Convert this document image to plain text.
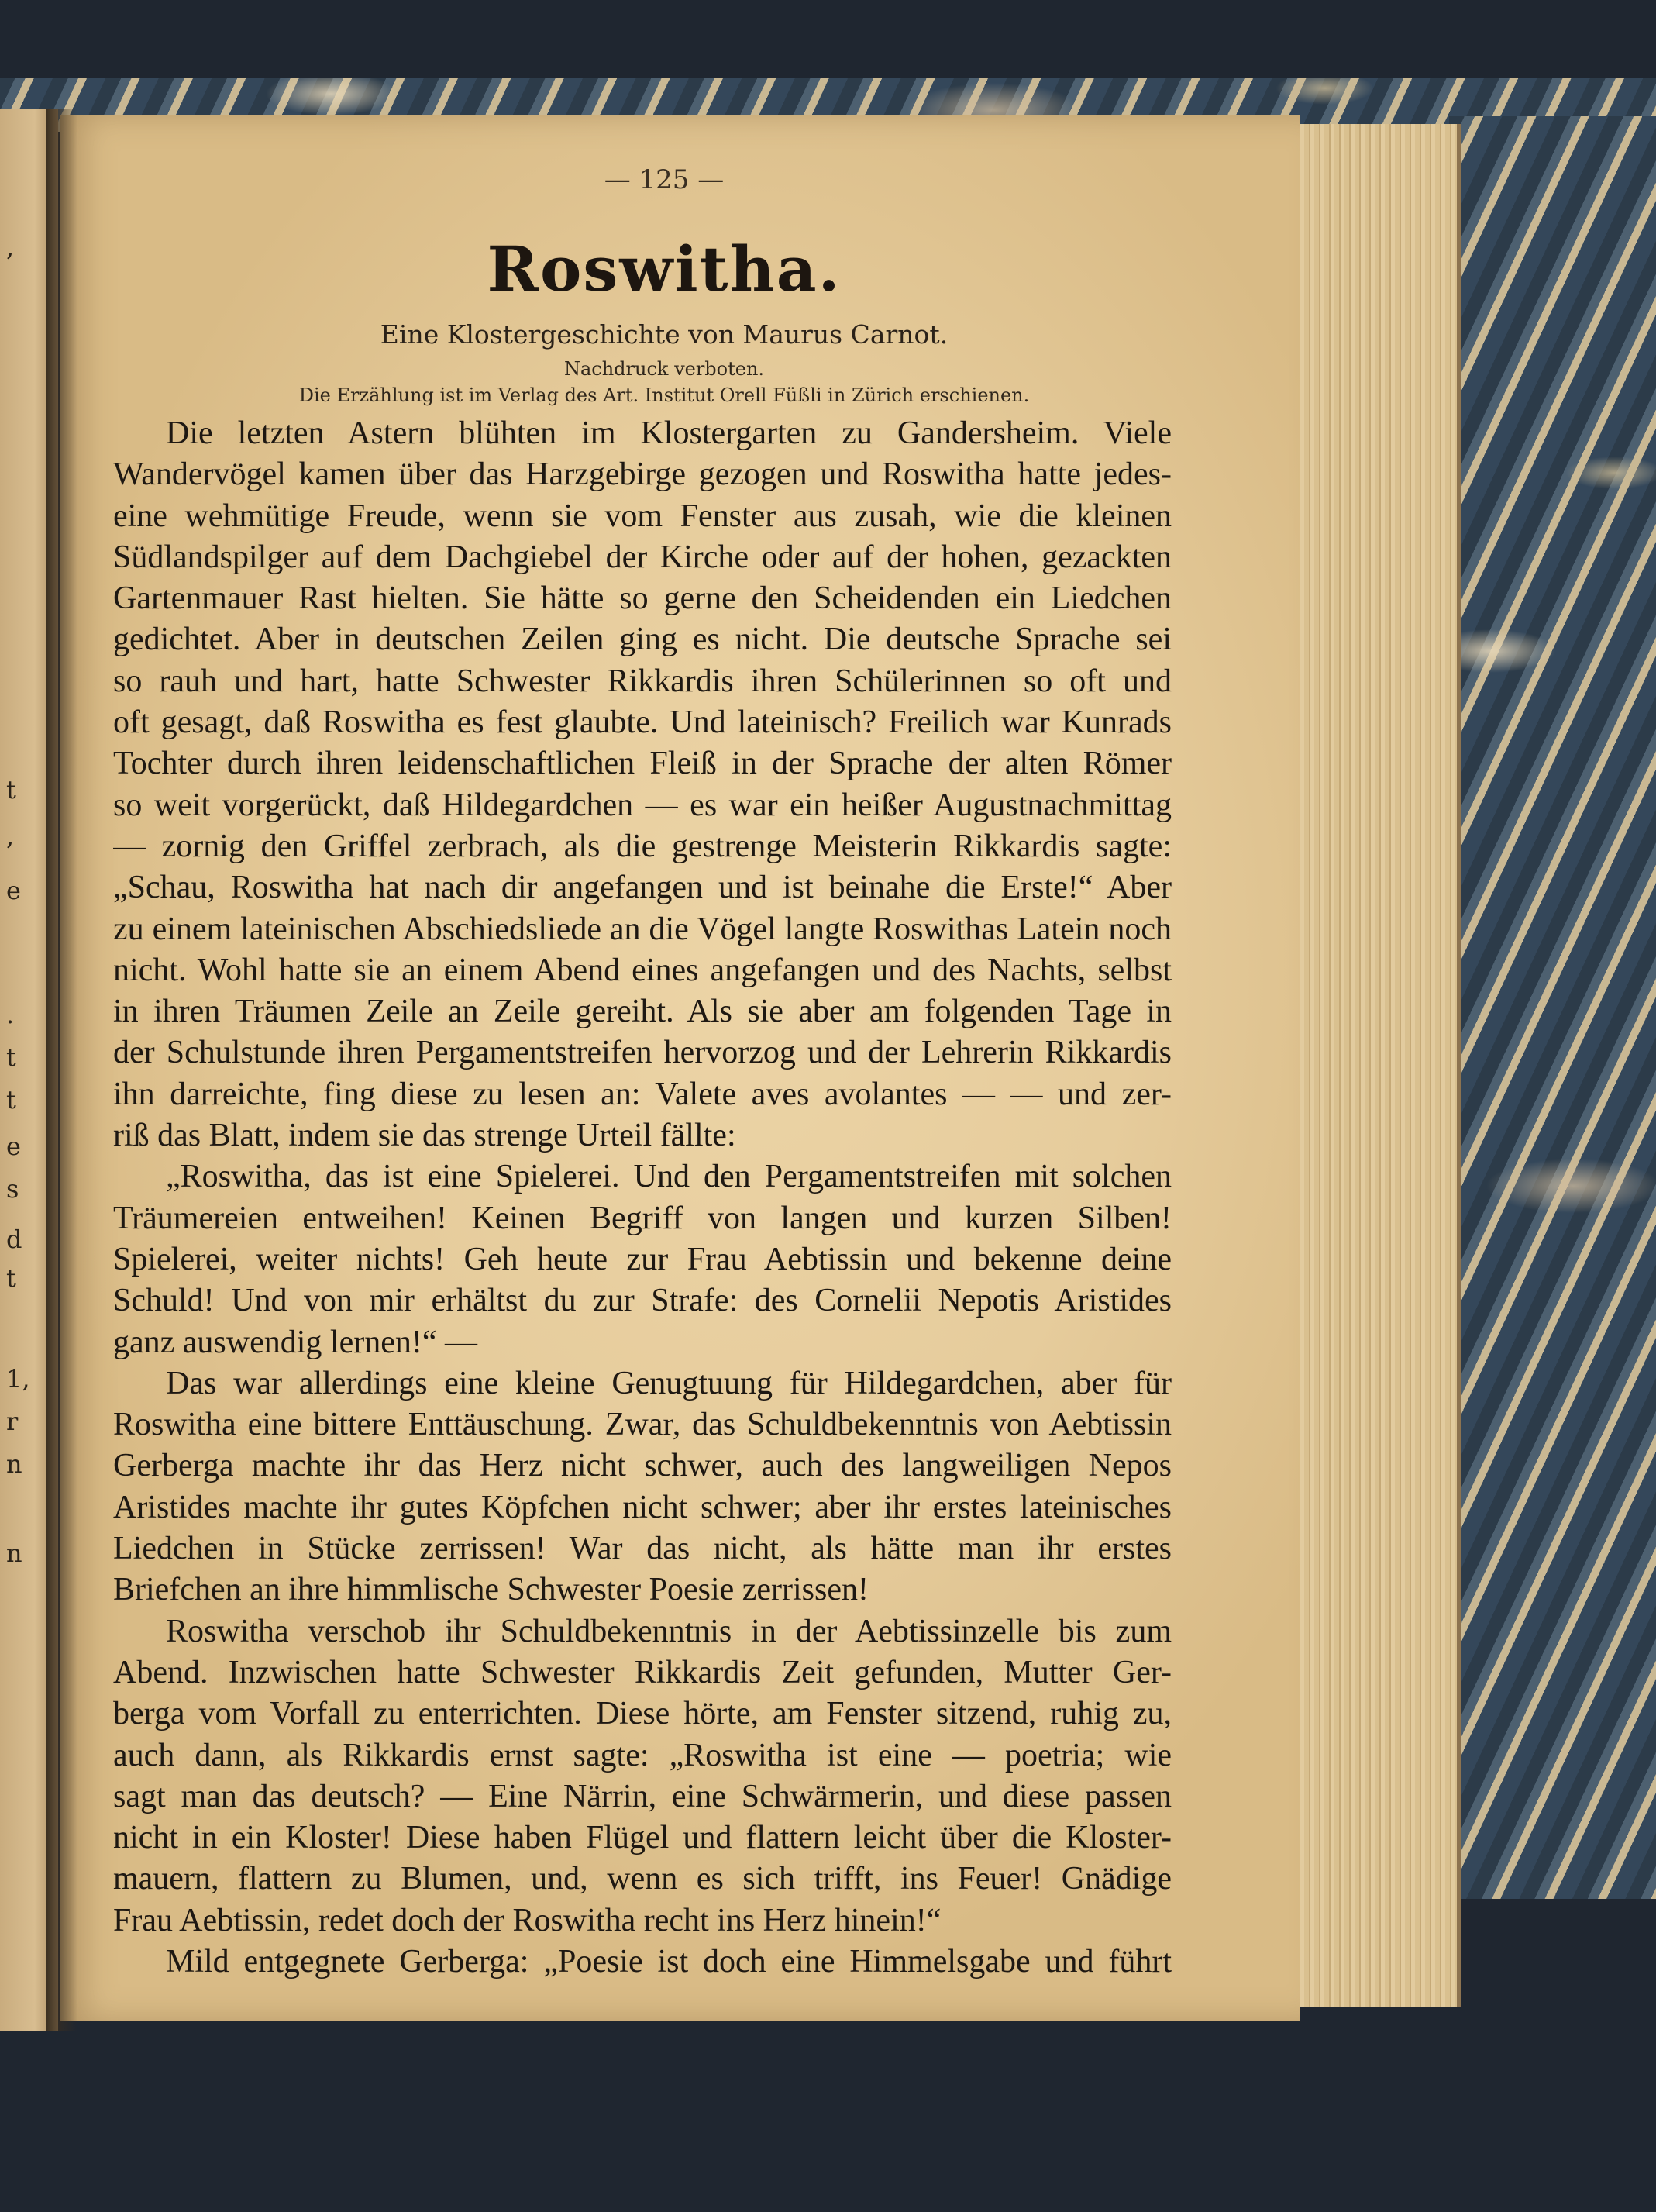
,
t
,
e
.
t
t
e
s
d
t
1,
r
n
n
— 125 —
Roswitha.
Eine Klostergeschichte von Maurus Carnot.
Nachdruck verboten.
Die Erzählung ist im Verlag des Art. Institut Orell Füßli in Zürich erschienen.
Die letzten Astern blühten im Klostergarten zu Gandersheim. Viele
Wandervögel kamen über das Harzgebirge gezogen und Roswitha hatte jedes-
eine wehmütige Freude, wenn sie vom Fenster aus zusah, wie die kleinen
Südlandspilger auf dem Dachgiebel der Kirche oder auf der hohen, gezackten
Gartenmauer Rast hielten. Sie hätte so gerne den Scheidenden ein Liedchen
gedichtet. Aber in deutschen Zeilen ging es nicht. Die deutsche Sprache sei
so rauh und hart, hatte Schwester Rikkardis ihren Schülerinnen so oft und
oft gesagt, daß Roswitha es fest glaubte. Und lateinisch? Freilich war Kunrads
Tochter durch ihren leidenschaftlichen Fleiß in der Sprache der alten Römer
so weit vorgerückt, daß Hildegardchen — es war ein heißer Augustnachmittag
— zornig den Griffel zerbrach, als die gestrenge Meisterin Rikkardis sagte:
„Schau, Roswitha hat nach dir angefangen und ist beinahe die Erste!“ Aber
zu einem lateinischen Abschiedsliede an die Vögel langte Roswithas Latein noch
nicht. Wohl hatte sie an einem Abend eines angefangen und des Nachts, selbst
in ihren Träumen Zeile an Zeile gereiht. Als sie aber am folgenden Tage in
der Schulstunde ihren Pergamentstreifen hervorzog und der Lehrerin Rikkardis
ihn darreichte, fing diese zu lesen an: Valete aves avolantes — — und zer-
riß das Blatt, indem sie das strenge Urteil fällte:
„Roswitha, das ist eine Spielerei. Und den Pergamentstreifen mit solchen
Träumereien entweihen! Keinen Begriff von langen und kurzen Silben!
Spielerei, weiter nichts! Geh heute zur Frau Aebtissin und bekenne deine
Schuld! Und von mir erhältst du zur Strafe: des Cornelii Nepotis Aristides
ganz auswendig lernen!“ —
Das war allerdings eine kleine Genugtuung für Hildegardchen, aber für
Roswitha eine bittere Enttäuschung. Zwar, das Schuldbekenntnis von Aebtissin
Gerberga machte ihr das Herz nicht schwer, auch des langweiligen Nepos
Aristides machte ihr gutes Köpfchen nicht schwer; aber ihr erstes lateinisches
Liedchen in Stücke zerrissen! War das nicht, als hätte man ihr erstes
Briefchen an ihre himmlische Schwester Poesie zerrissen!
Roswitha verschob ihr Schuldbekenntnis in der Aebtissinzelle bis zum
Abend. Inzwischen hatte Schwester Rikkardis Zeit gefunden, Mutter Ger-
berga vom Vorfall zu enterrichten. Diese hörte, am Fenster sitzend, ruhig zu,
auch dann, als Rikkardis ernst sagte: „Roswitha ist eine — poetria; wie
sagt man das deutsch? — Eine Närrin, eine Schwärmerin, und diese passen
nicht in ein Kloster! Diese haben Flügel und flattern leicht über die Kloster-
mauern, flattern zu Blumen, und, wenn es sich trifft, ins Feuer! Gnädige
Frau Aebtissin, redet doch der Roswitha recht ins Herz hinein!“
Mild entgegnete Gerberga: „Poesie ist doch eine Himmelsgabe und führt
